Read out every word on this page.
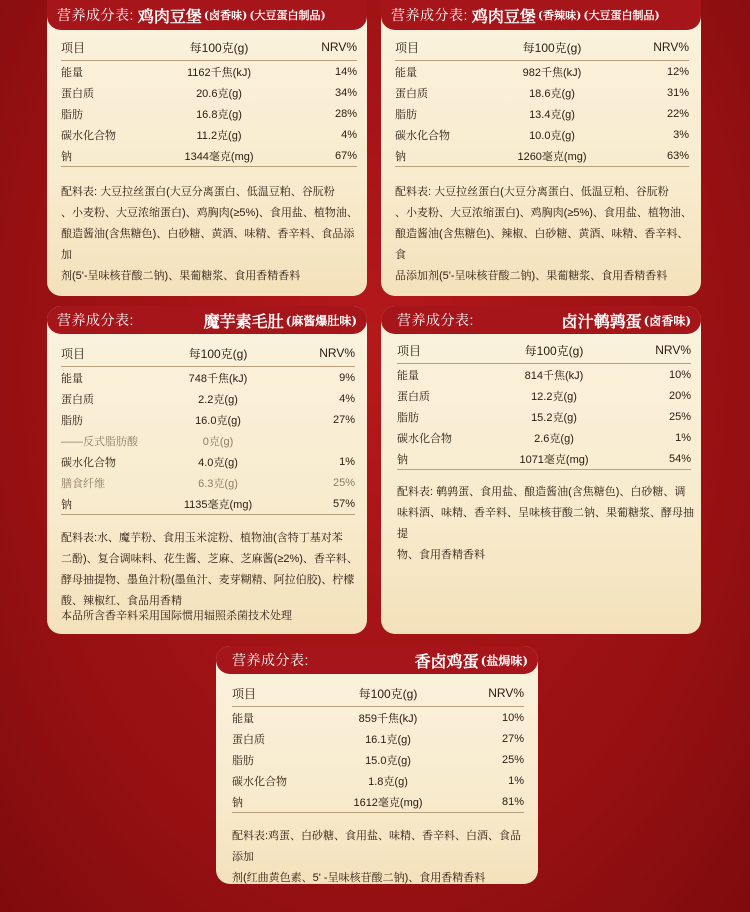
营养成分表: 鸡肉豆堡 (卤香味) (大豆蛋白制品)
项目	每100克(g)	NRV%
能量	1162千焦(kJ)	14%
蛋白质	20.6克(g)	34%
脂肪	16.8克(g)	28%
碳水化合物	11.2克(g)	4%
钠	1344毫克(mg)	67%
配料表: 大豆拉丝蛋白(大豆分离蛋白、低温豆粕、谷朊粉
、小麦粉、大豆浓缩蛋白)、鸡胸肉(≥5%)、食用盐、植物油、
酿造酱油(含焦糖色)、白砂糖、黄酒、味精、香辛料、食品添加
剂(5'-呈味核苷酸二钠)、果葡糖浆、食用香精香料
营养成分表: 鸡肉豆堡 (香辣味) (大豆蛋白制品)
项目	每100克(g)	NRV%
能量	982千焦(kJ)	12%
蛋白质	18.6克(g)	31%
脂肪	13.4克(g)	22%
碳水化合物	10.0克(g)	3%
钠	1260毫克(mg)	63%
配料表: 大豆拉丝蛋白(大豆分离蛋白、低温豆粕、谷朊粉
、小麦粉、大豆浓缩蛋白)、鸡胸肉(≥5%)、食用盐、植物油、
酿造酱油(含焦糖色)、辣椒、白砂糖、黄酒、味精、香辛料、食
品添加剂(5'-呈味核苷酸二钠)、果葡糖浆、食用香精香料
营养成分表:	魔芋素毛肚 (麻酱爆肚味)
项目	每100克(g)	NRV%
能量	748千焦(kJ)	9%
蛋白质	2.2克(g)	4%
脂肪	16.0克(g)	27%
——反式脂肪酸	0克(g)	
碳水化合物	4.0克(g)	1%
膳食纤维	6.3克(g)	25%
钠	1135毫克(mg)	57%
配料表:水、魔芋粉、食用玉米淀粉、植物油(含特丁基对苯
二酚)、复合调味料、花生酱、芝麻、芝麻酱(≥2%)、香辛料、
酵母抽提物、墨鱼汁粉(墨鱼汁、麦芽糊精、阿拉伯胶)、柠檬
酸、辣椒红、食品用香精
本品所含香辛料采用国际惯用辐照杀菌技术处理
营养成分表:	卤汁鹌鹑蛋 (卤香味)
项目	每100克(g)	NRV%
能量	814千焦(kJ)	10%
蛋白质	12.2克(g)	20%
脂肪	15.2克(g)	25%
碳水化合物	2.6克(g)	1%
钠	1071毫克(mg)	54%
配料表: 鹌鹑蛋、食用盐、酿造酱油(含焦糖色)、白砂糖、调
味料酒、味精、香辛料、呈味核苷酸二钠、果葡糖浆、酵母抽提
物、食用香精香料
营养成分表:	香卤鸡蛋 (盐焗味)
项目	每100克(g)	NRV%
能量	859千焦(kJ)	10%
蛋白质	16.1克(g)	27%
脂肪	15.0克(g)	25%
碳水化合物	1.8克(g)	1%
钠	1612毫克(mg)	81%
配料表:鸡蛋、白砂糖、食用盐、味精、香辛料、白酒、食品添加
剂(红曲黄色素、5' -呈味核苷酸二钠)、食用香精香料
